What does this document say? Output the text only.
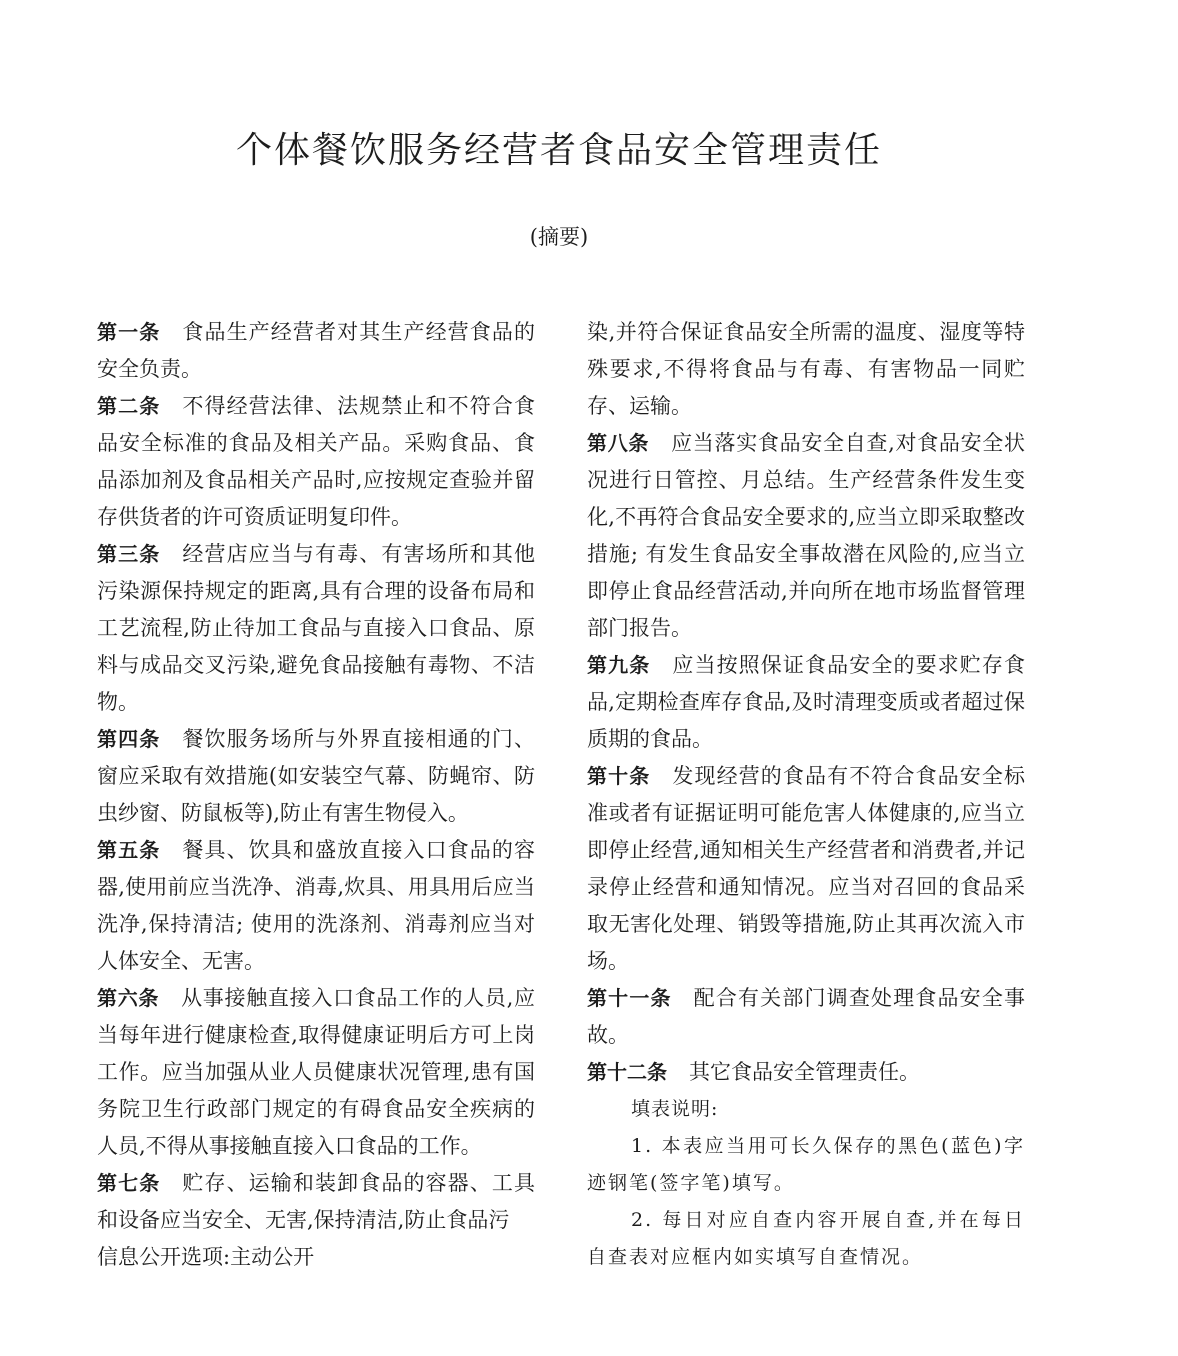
个体餐饮服务经营者食品安全管理责任
(摘要)

第一条 食品生产经营者对其生产经营食品的安全负责。

第二条 不得经营法律、法规禁止和不符合食品安全标准的食品及相关产品。采购食品、食品添加剂及食品相关产品时,应按规定查验并留存供货者的许可资质证明复印件。

第三条 经营店应当与有毒、有害场所和其他污染源保持规定的距离,具有合理的设备布局和工艺流程,防止待加工食品与直接入口食品、原料与成品交叉污染,避免食品接触有毒物、不洁物。

第四条 餐饮服务场所与外界直接相通的门、窗应采取有效措施(如安装空气幕、防蝇帘、防虫纱窗、防鼠板等),防止有害生物侵入。

第五条 餐具、饮具和盛放直接入口食品的容器,使用前应当洗净、消毒,炊具、用具用后应当洗净,保持清洁; 使用的洗涤剂、消毒剂应当对人体安全、无害。

第六条 从事接触直接入口食品工作的人员,应当每年进行健康检查,取得健康证明后方可上岗工作。应当加强从业人员健康状况管理,患有国务院卫生行政部门规定的有碍食品安全疾病的人员,不得从事接触直接入口食品的工作。

第七条 贮存、运输和装卸食品的容器、工具和设备应当安全、无害,保持清洁,防止食品污

信息公开选项:主动公开

染,并符合保证食品安全所需的温度、湿度等特殊要求,不得将食品与有毒、有害物品一同贮存、运输。

第八条 应当落实食品安全自查,对食品安全状况进行日管控、月总结。生产经营条件发生变化,不再符合食品安全要求的,应当立即采取整改措施; 有发生食品安全事故潜在风险的,应当立即停止食品经营活动,并向所在地市场监督管理部门报告。

第九条 应当按照保证食品安全的要求贮存食品,定期检查库存食品,及时清理变质或者超过保质期的食品。

第十条 发现经营的食品有不符合食品安全标准或者有证据证明可能危害人体健康的,应当立即停止经营,通知相关生产经营者和消费者,并记录停止经营和通知情况。应当对召回的食品采取无害化处理、销毁等措施,防止其再次流入市场。

第十一条 配合有关部门调查处理食品安全事故。

第十二条 其它食品安全管理责任。

填表说明:

1. 本表应当用可长久保存的黑色(蓝色)字迹钢笔(签字笔)填写。

2. 每日对应自查内容开展自查,并在每日自查表对应框内如实填写自查情况。
